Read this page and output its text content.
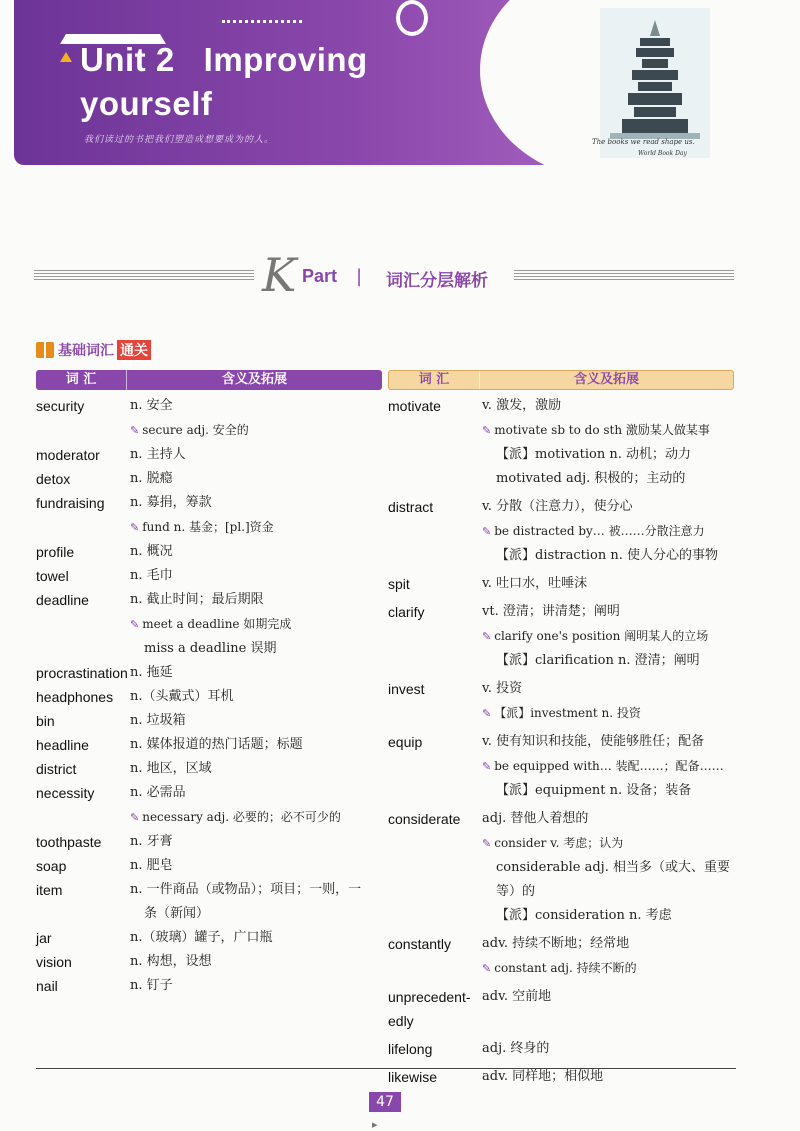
Unit 2   Improving
yourself
我们读过的书把我们塑造成想要成为的人。	The books we read shape us.
World Book Day
K Part | 词汇分层解析
基础词汇 通关
词 汇	含义及拓展
security	n. 安全
✎ secure adj. 安全的
moderator	n. 主持人
detox	n. 脱瘾
fundraising	n. 募捐，筹款
✎ fund n. 基金；[pl.]资金
profile	n. 概况
towel	n. 毛巾
deadline	n. 截止时间；最后期限
✎ meet a deadline 如期完成
miss a deadline 误期
procrastination n. 拖延
headphones	n.（头戴式）耳机
bin	n. 垃圾箱
headline	n. 媒体报道的热门话题；标题
district	n. 地区，区域
necessity	n. 必需品
✎ necessary adj. 必要的；必不可少的
toothpaste	n. 牙膏
soap	n. 肥皂
item	n. 一件商品（或物品）；项目；一则，一
条（新闻）
jar	n.（玻璃）罐子，广口瓶
vision	n. 构想，设想
nail	n. 钉子
词 汇	含义及拓展
motivate	v. 激发，激励
✎ motivate sb to do sth 激励某人做某事
【派】motivation n. 动机；动力
motivated adj. 积极的；主动的
distract	v. 分散（注意力），使分心
✎ be distracted by… 被……分散注意力
【派】distraction n. 使人分心的事物
spit	v. 吐口水，吐唾沫
clarify	vt. 澄清；讲清楚；阐明
✎ clarify one's position 阐明某人的立场
【派】clarification n. 澄清；阐明
invest	v. 投资
✎ 【派】investment n. 投资
equip	v. 使有知识和技能，使能够胜任；配备
✎ be equipped with… 装配……；配备……
【派】equipment n. 设备；装备
considerate	adj. 替他人着想的
✎ consider v. 考虑；认为
considerable adj. 相当多（或大、重要等）的
【派】consideration n. 考虑
constantly	adv. 持续不断地；经常地
✎ constant adj. 持续不断的
unprecedent- adv. 空前地
edly
lifelong	adj. 终身的
likewise	adv. 同样地；相似地
47
▸
